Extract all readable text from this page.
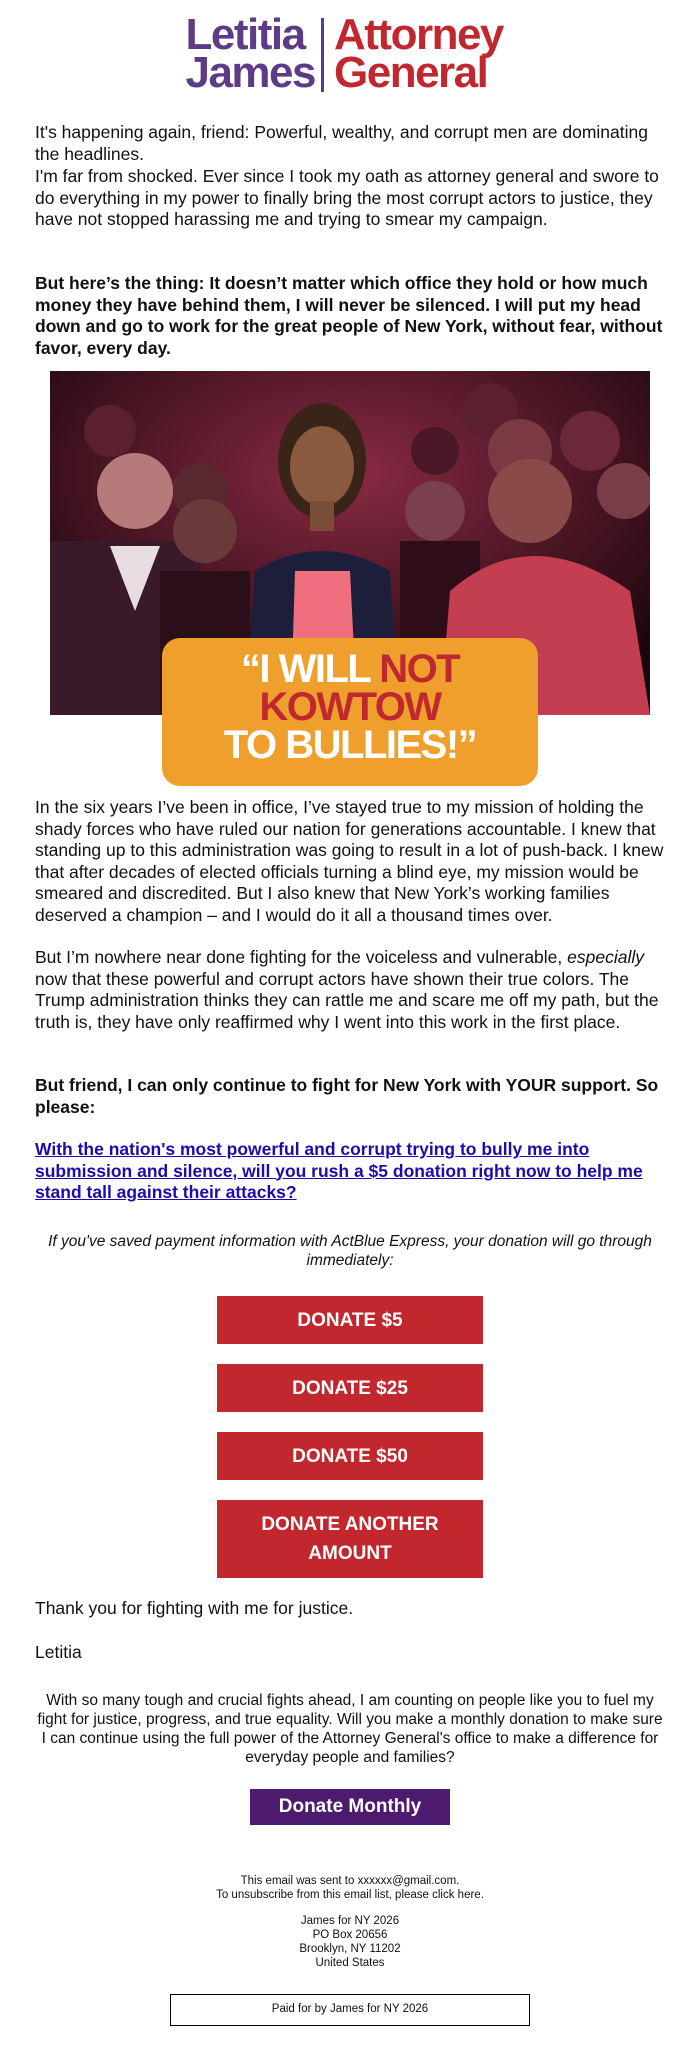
Letitia
James
Attorney
General

It's happening again, friend: Powerful, wealthy, and corrupt men are dominating the headlines.

I'm far from shocked. Ever since I took my oath as attorney general and swore to do everything in my power to finally bring the most corrupt actors to justice, they have not stopped harassing me and trying to smear my campaign.

But here’s the thing: It doesn’t matter which office they hold or how much money they have behind them, I will never be silenced. I will put my head down and go to work for the great people of New York, without fear, without favor, every day.

“I WILL NOT
KOWTOW
TO BULLIES!”

In the six years I’ve been in office, I’ve stayed true to my mission of holding the shady forces who have ruled our nation for generations accountable. I knew that standing up to this administration was going to result in a lot of push-back. I knew that after decades of elected officials turning a blind eye, my mission would be smeared and discredited. But I also knew that New York’s working families deserved a champion – and I would do it all a thousand times over.

But I’m nowhere near done fighting for the voiceless and vulnerable, especially now that these powerful and corrupt actors have shown their true colors. The Trump administration thinks they can rattle me and scare me off my path, but the truth is, they have only reaffirmed why I went into this work in the first place.

But friend, I can only continue to fight for New York with YOUR support. So please:

With the nation's most powerful and corrupt trying to bully me into submission and silence, will you rush a $5 donation right now to help me stand tall against their attacks?

If you've saved payment information with ActBlue Express, your donation will go through immediately:
DONATE $5
DONATE $25
DONATE $50
DONATE ANOTHER AMOUNT

Thank you for fighting with me for justice.

Letitia

With so many tough and crucial fights ahead, I am counting on people like you to fuel my fight for justice, progress, and true equality. Will you make a monthly donation to make sure I can continue using the full power of the Attorney General's office to make a difference for everyday people and families?
Donate Monthly
This email was sent to xxxxxx@gmail.com.
To unsubscribe from this email list, please click here.
James for NY 2026
PO Box 20656
Brooklyn, NY 11202
United States
Paid for by James for NY 2026
